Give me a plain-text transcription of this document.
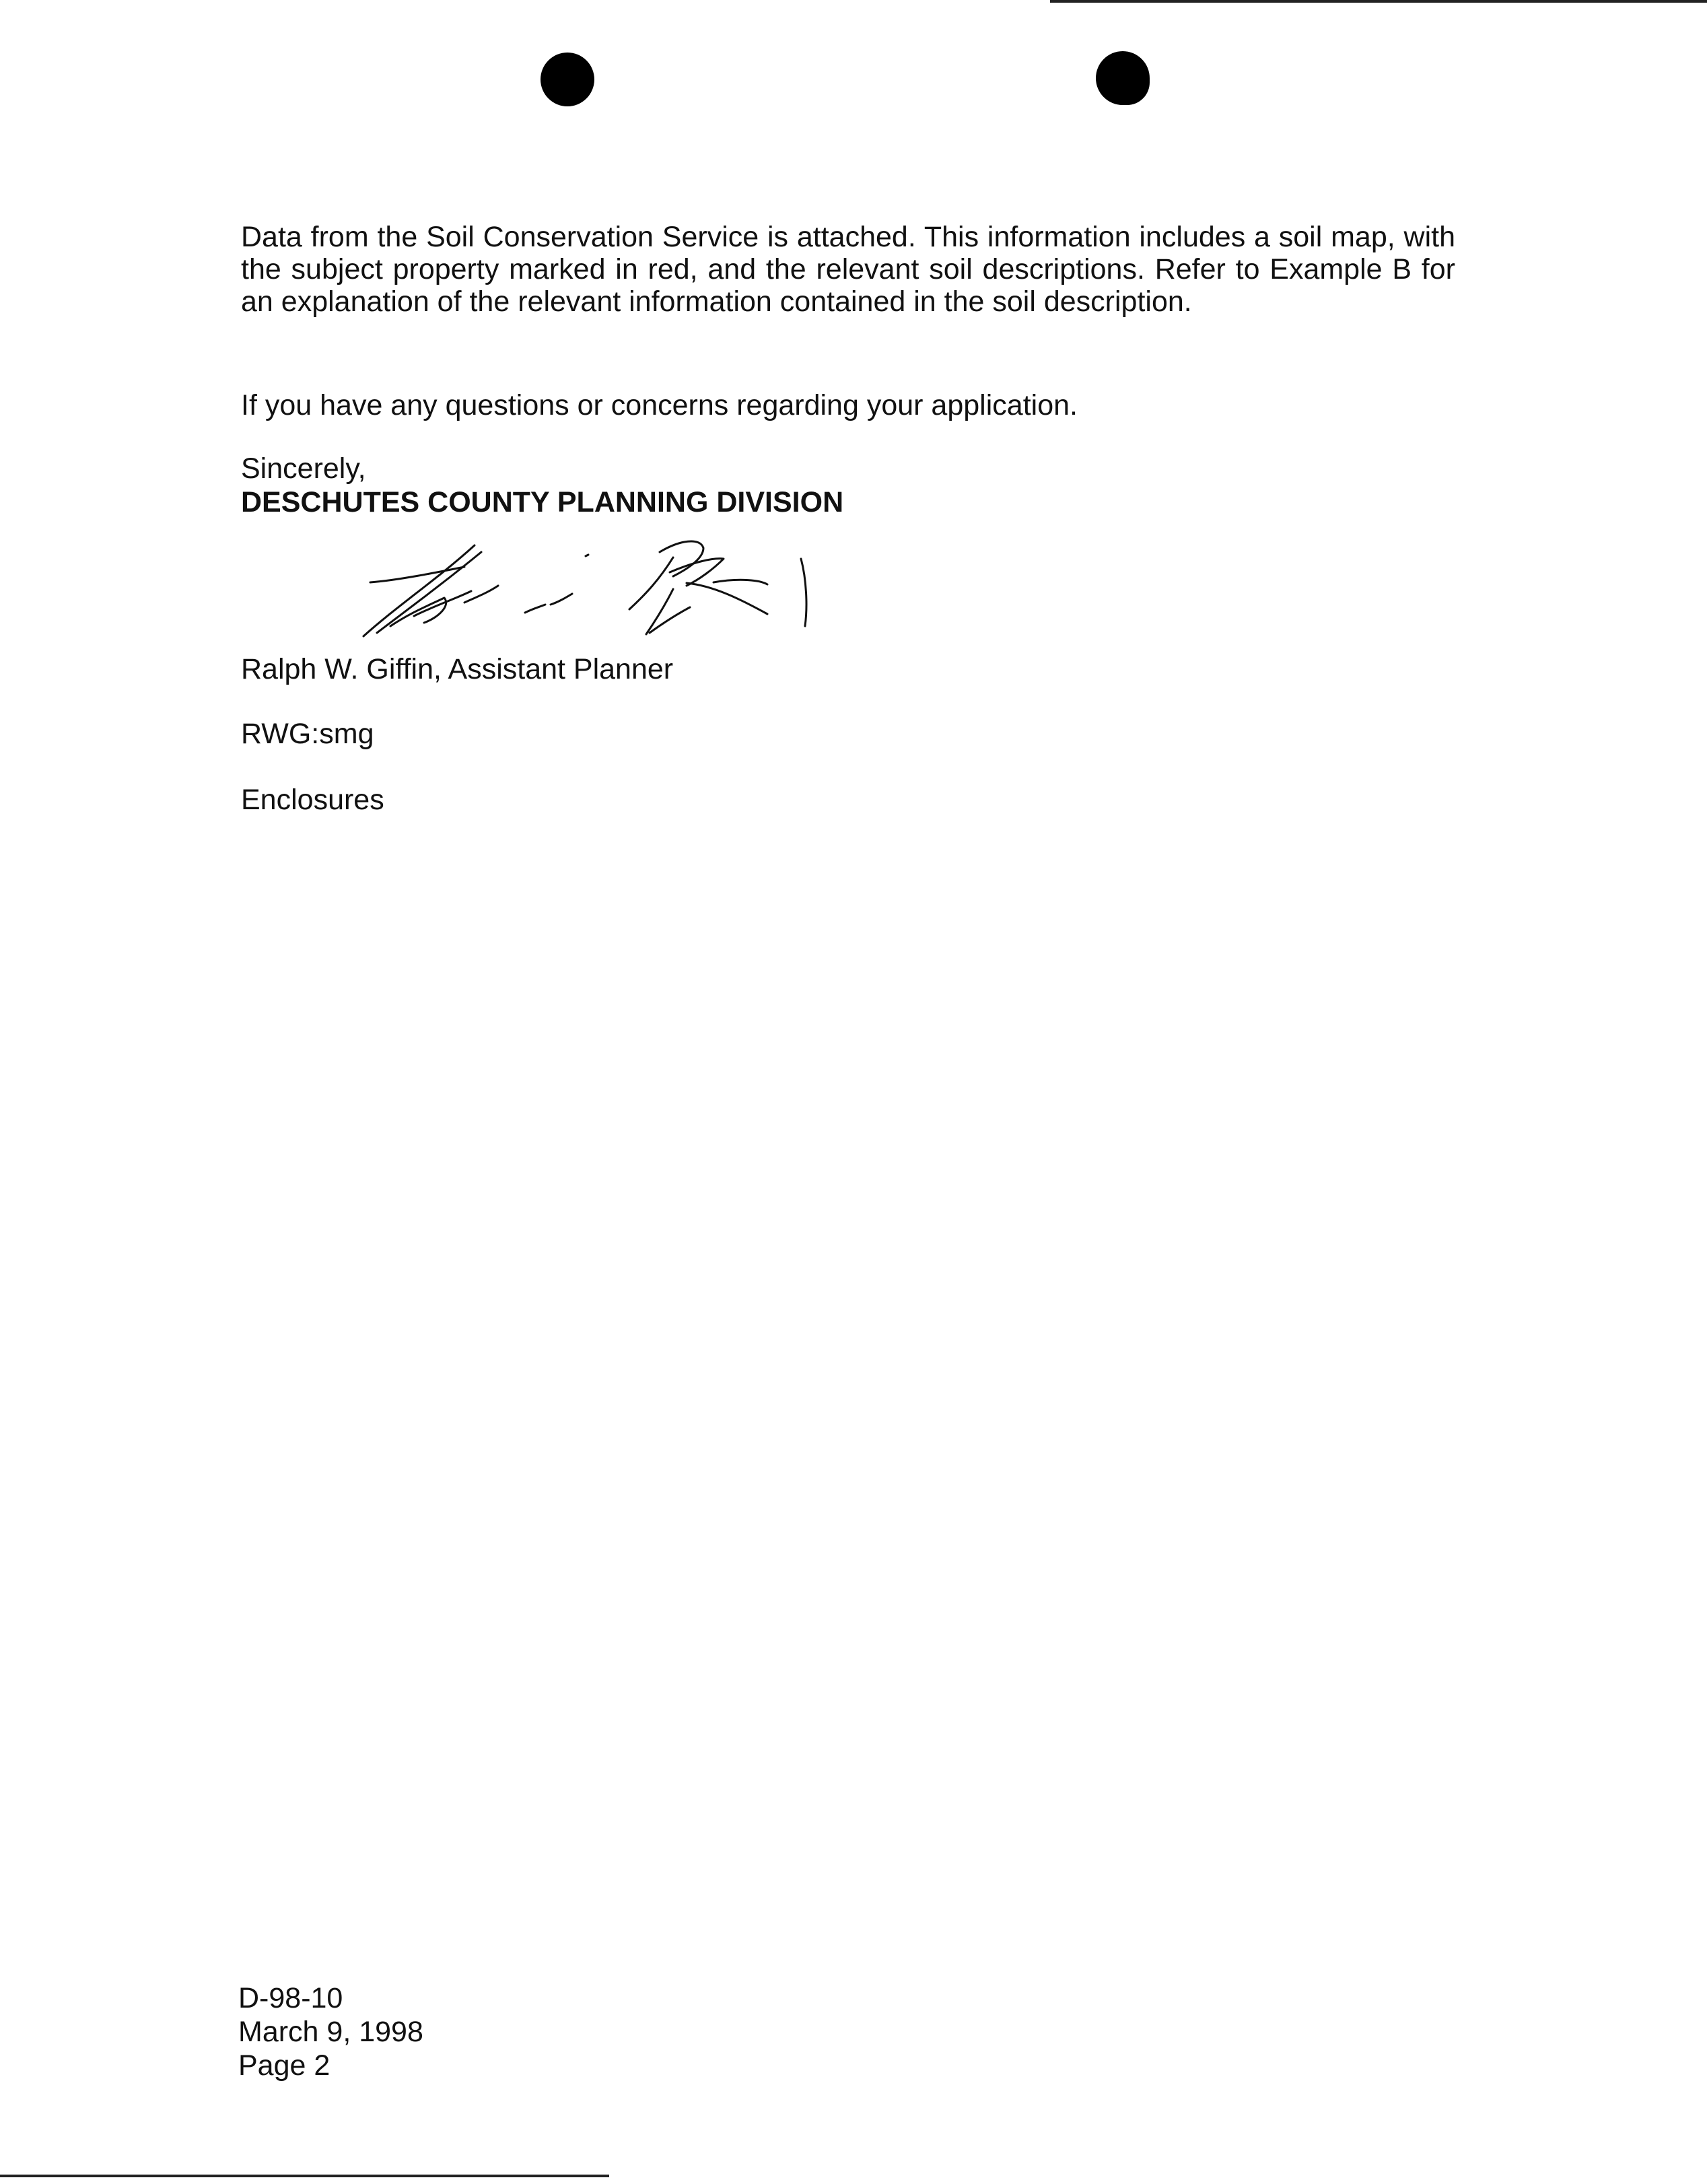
Data from the Soil Conservation Service is attached. This information includes a soil map, with the subject property marked in red, and the relevant soil descriptions. Refer to Example B for an explanation of the relevant information contained in the soil description.
If you have any questions or concerns regarding your application.
Sincerely,
DESCHUTES COUNTY PLANNING DIVISION
Ralph W. Giffin, Assistant Planner
RWG:smg
Enclosures
D-98-10
March 9, 1998
Page 2
